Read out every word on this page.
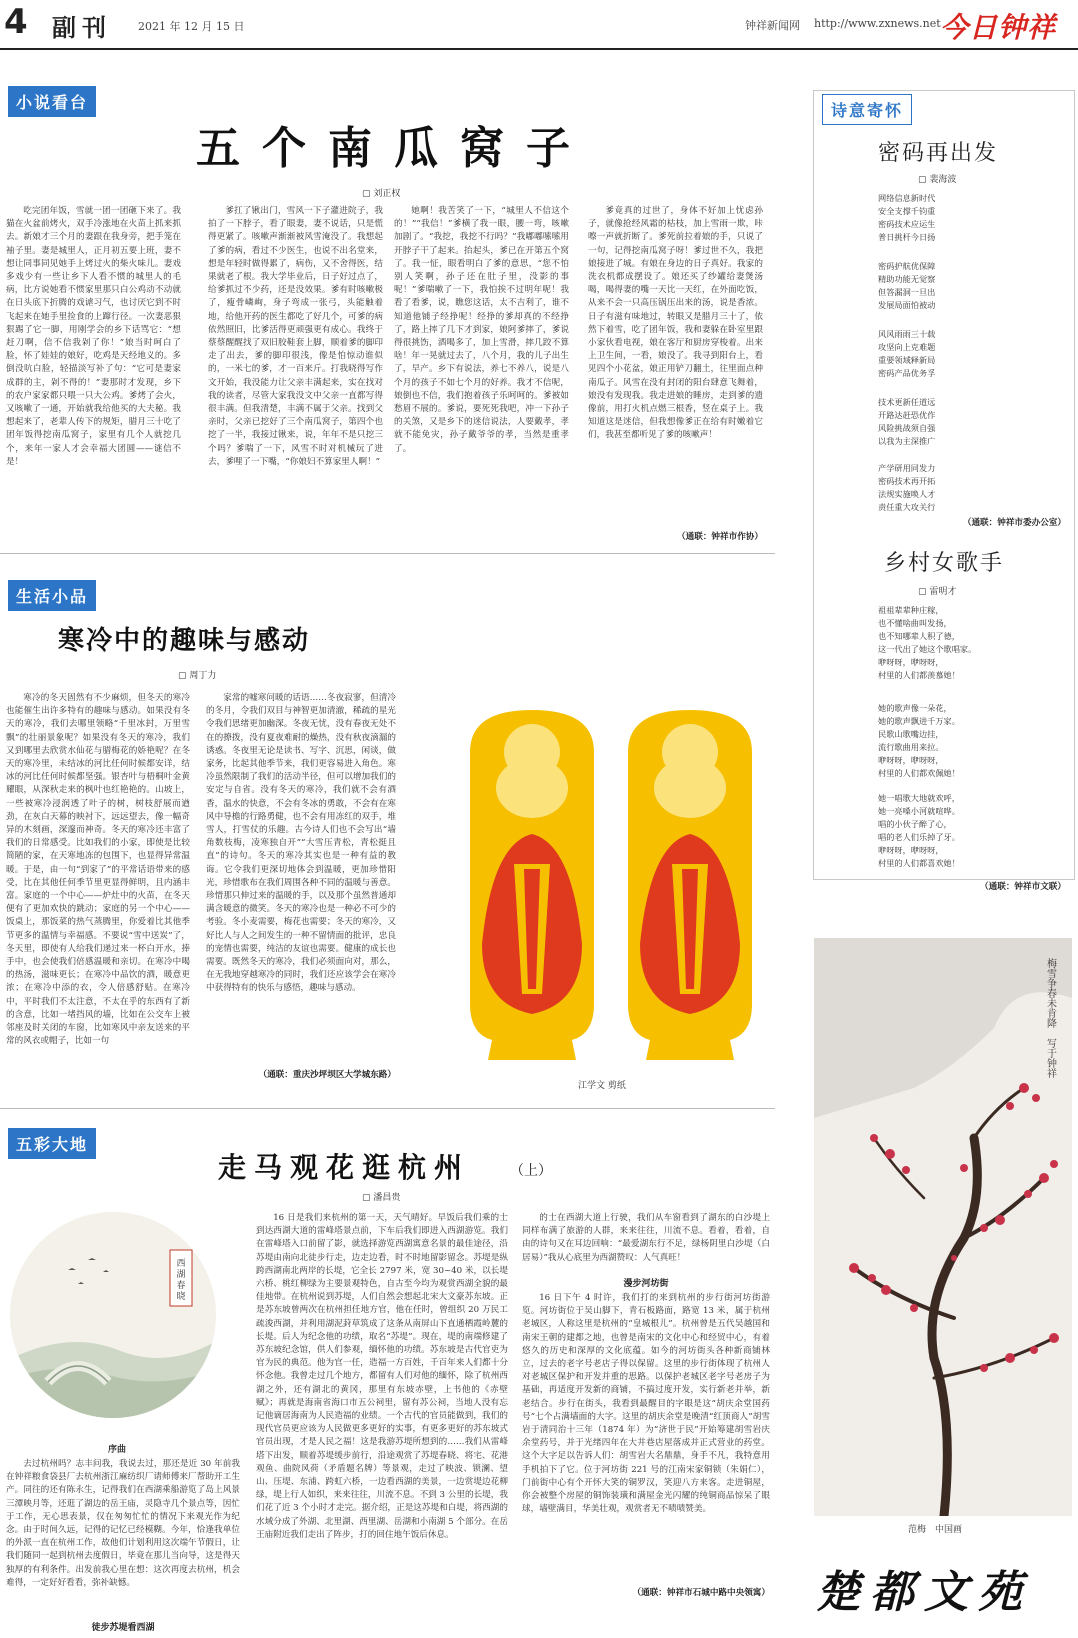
4 副刊 2021 年 12 月 15 日	钟祥新闻网 http://www.zxnews.net 今日钟祥
小说看台
五个南瓜窝子
▢ 刘正权

吃完团年饭，雪就一团一团砸下来了。我猫在火盆前烤火，双手冷涨地在火苗上抓来抓去。新娘才三个月的妻跟在我身旁，把手笼在袖子里。妻是城里人，正月初五要上班，妻不想让同事同见她手上烤过火的柴火味儿。妻戏多戏少有一些让乡下人看不惯的城里人的毛病，比方说她看不惯家里那只白公鸡动不动就在日头底下折腾的戏谑习气，也讨厌它到不时飞起来在她手里捡食的上蹿行径。一次妻恶狠狠踢了它一脚，用刚学会的乡下话骂它：“想赶刀啊，信不信我剁了你！”娘当时呵白了脸，怀了娃娃的娘好，吃鸡是天经地义的。多倒没吭白脸，轻描淡写补了句：“它可是妻家成群的主，剁不得的！”妻那时才发现，乡下的农户家家都只喂一只大公鸡。爹烤了会火，又咳嗽了一通，开始就我给他买的大夫秘。我想起来了，老辈人传下的规矩，腊月三十吃了团年饭得挖南瓜窝子，家里有几个人就挖几个，来年一家人才会幸福大团圆——谜信不是！

爹扛了锹出门，雪风一下子灌进院子，我拍了一下脖子，看了眼妻，妻不说话，只是慌得更紧了。咳嗽声渐渐被风雪淹没了。我想起了爹的病，看过不少医生，也说不出名堂来，想是年轻时做得累了，病伤，又不舍得医，结果就老了根。我大学毕业后，日子好过点了，给爹抓过不少药，还是没效果。爹有时咳嗽极了，瘦骨嶙峋，身子弯成一张弓，头能触着地，给他开药的医生都吃了好几个，可爹的病依然照旧，比爹活得更顽强更有成心。我终于蔡蔡醒醒找了双旧胶鞋套上脚，顺着爹的脚印走了出去，爹的脚印很浅，像是怕惊动谁似的，一米七的爹，才一百来斤。打我晓得写作文开始，我没能力让父亲丰满起来，实在找对我的读者，尽管大家我没文中父亲一直都写得很丰满。但我清楚，丰满不属于父亲。找到父亲时，父亲已挖好了三个南瓜窝子，第四个也挖了一半，我接过锹来，说，年年不是只挖三个吗？爹喘了一下，风雪不时对机械玩了进去，爹哩了一下嘴，“你娘妇不算家里人啊！”

她啊！我苦笑了一下，“城里人不信这个的！”“我信！”爹横了我一眼，腰一弯，咳嗽加剧了。“我挖，我挖不行吗？”我嘟嘟嗦嗦用开脖子干了起来。抬起头，爹已在开第五个窝了。我一怔，眼看明白了爹的意思，“您不怕别人笑啊，孙子还在肚子里，没影的事呢！”爹喘嗽了一下，我怕挨不过明年呢！我看了看爹，说，瞧您这话，太不吉利了，谁不知道他铺子经挣呢！经挣的爹却真的不经挣了，路上摔了几下才到家，娘阿爹摔了，爹说得很挑饬，酒喝多了，加上雪滑，摔几跤不算啥！年一晃就过去了，八个月，我的儿子出生了，早产。乡下有说法，养七不养八，说是八个月的孩子不如七个月的好养。我才不信呢，娘倒也不信，我们抱着孩子乐呵呵的。爹被如愁眉不展的。爹说，要死死我吧，冲一下孙子的关煞，又是乡下的迷信说法，人要戴孝，孝就不能免灾，孙子戴爷爷的孝，当然是重孝了。

爹竟真的过世了，身体不好加上忧虑孙子，就像抢经风霜的枯枝，加上雪雨一欺，咔嚓一声就折断了。爹死前拉着娘的手，只说了一句，记得挖南瓜窝子呀！爹过世不久，我把娘接进了城。有娘在身边的日子真好。我家的洗衣机都成摆设了。娘还买了纱罐给妻煲汤喝，喝得妻的嘴一天比一天红，在外面吃饭，从来不会一只高压锅压出来的汤，说是香浓。日子有滋有味地过，转眼又是腊月三十了，依然下着雪，吃了团年饭，我和妻躲在卧室里跟小家伙看电视，娘在客厅和厨房穿梭着。出来上卫生间，一看，娘没了。我寻到阳台上，看见四个小花盆，娘正用铲刀翻土，往里面点种南瓜子。风雪在没有封闭的阳台肆意飞舞着，娘没有发现我。我走进娘的睡房，走到爹的遗像前，用打火机点燃三根香，竖在桌子上。我知道这是迷信，但我想像爹正在给有时嫩着它们，我甚至都听见了爹的咳嗽声！

（通联：钟祥市作协）
生活小品
寒冷中的趣味与感动
▢ 周丁力

寒冷的冬天固然有不少麻烦，但冬天的寒冷也能催生出许多特有的趣味与感动。如果没有冬天的寒冷，我们去哪里领略“千里冰封，万里雪飘”的壮丽景象呢？如果没有冬天的寒冷，我们又到哪里去欣赏水仙花与腊梅花的娇艳呢？在冬天的寒冷里，未结冰的河比任何时候都安详，结冰的河比任何时候都坚强。银杏叶与梧桐叶金黄耀眼，从深秋走来的枫叶也红艳艳的。山坡上，一些被寒冷浸润透了叶子的树，树枝舒展而遒劲，在灰白天幕的映衬下，远远望去，像一幅奇异的木刻画，深邃而神奇。冬天的寒冷还丰富了我们的日常感受。比如我们的小家，即使是比较简陋的家，在天寒地冻的包围下，也显得异常温暖。于是，由一句“到家了”的平常话语带来的感受，比在其他任何季节里更显得鲜明，且内涵丰富。家庭的一个中心——炉灶中的火苗，在冬天便有了更加欢快的跳动；家庭的另一个中心——饭桌上，那饭菜的热气蒸腾里，你爱着比其他季节更多的温情与幸福感。不要说“雪中送炭”了，冬天里，即使有人给我们递过来一杯白开水，捧手中，也会使我们倍感温暖和亲切。在寒冷中喝的热汤，滋味更长；在寒冷中品饮的酒，暖意更浓；在寒冷中添的衣，令人倍感舒贴。在寒冷中，平时我们不太注意，不太在乎的东西有了新的含意，比如一堵挡风的墙，比如在公交车上被邻座及时关闭的车窗，比如寒风中亲友送来的平常的风衣或帽子，比如一句

家常的嘘寒问暖的话语……冬夜寂寥，但清冷的冬月，令我们双目与神智更加清澈，稀疏的星光令我们思绪更加幽深。冬夜无忧，没有春夜无处不在的撩拨，没有夏夜难耐的燥热，没有秋夜滴漏的诱惑。冬夜里无论是读书、写字、沉思，闲谈，做家务，比起其他季节来，我们更容易进入角色。寒冷虽然限制了我们的活动半径，但可以增加我们的安定与自省。没有冬天的寒冷，我们就不会有酒香，温水的快意，不会有冬冰的勇敢，不会有在寒风中导檐的行路勇健，也不会有用冻红的双手，堆雪人，打雪仗的乐趣。古今诗人们也不会写出“墙角数枝梅，凌寒独自开”“大雪压青松，青松挺且直”的诗句。冬天的寒冷其实也是一种有益的教诲。它令我们更深切地体会到温暖，更加珍惜阳光，珍惜歌布在我们周围各种不同的温暖与善意。珍惜那只伸过来的温暖的手，以及那个虽然普通却满含暖意的微笑。冬天的寒冷也是一种必不可少的考验。冬小麦需要，梅花也需要；冬天的寒冷，又好比人与人之间发生的一种不留情面的批评，忠良的宠情也需要，纯洁的友谊也需要。健康的成长也需要。既然冬天的寒冷，我们必须面向对，那么，在无我地穿越寒冷的同时，我们还应该学会在寒冷中获得特有的快乐与感悟，趣味与感动。

（通联：重庆沙坪坝区大学城东路）
江学文 剪纸
五彩大地
走马观花逛杭州	（上）
▢ 潘昌贵
西
湖
春
晓
序曲

去过杭州吗？志丰问我，我说去过，那还是近 30 年前我在钟祥粮食袋县厂去杭州浙江麻纺织厂请师傅来厂帮助开工生产。同往的还有陈永生，记得我们在西湖乘船游览了岛上风景三潭映月等，还逛了湖边的岳王庙，灵隐寺几个景点等，因忙于工作，无心思表景，仅在匆匆忙忙的情况下来观光作为纪念。由于时间久远，记得的记忆已经模糊。今年，恰逢我单位的外派一直在杭州工作，故他们计划利用这次端午节假日，让我们随同一起到杭州去度假日，毕竟在那儿当向导，这是得天独厚的有利条件。出发前我心里在想：这次再度去杭州，机会难得，一定好好看看，弥补缺憾。

徒步苏堤看西湖

16 日是我们来杭州的第一天，天气晴好。早饭后我们乘的士到达西湖大道的雷峰塔景点前，下车后我们即进入西湖游览。我们在雷峰塔入口前留了影，就选择游览西湖寓意名景的最佳途径，沿苏堤由南向北徒步行走，边走边看，时不时地留影留念。苏堤是纵跨西湖南北两岸的长堤，它全长 2797 米，宽 30~40 米，以长堤六桥、桃红柳绿为主要景观特色，自古至今均为观赏西湖全貌的最佳地带。在杭州说到苏堤，人们自然会想起北宋大文豪苏东坡。正是苏东坡曾两次在杭州担任地方官，他在任时，曾组织 20 万民工疏浚西湖，并利用湖泥葑草筑成了这条从南屏山下直通栖霞岭麓的长堤。后人为纪念他的功绩，取名“苏堤”。现在，堤的南端修建了苏东坡纪念馆，供人们参观，缅怀他的功绩。苏东坡是古代官吏为官为民的典范。他为官一任，造福一方百姓，千百年来人们都十分怀念他。我曾走过几个地方，都留有人们对他的缅怀，除了杭州西湖之外，还有湖北的黄冈，那里有东坡赤壁，上书他的《赤壁赋》；再就是海南省海口市五公祠里，留有苏公祠，当地人没有忘记他谪居海南为人民造福的业绩。一个古代的官员能做到，我们的现代官员更应该为人民做更多更好的实事，有更多更好的苏东坡式官员出现，才是人民之福！这是我游苏堤所想到的……我们从雷峰塔下出发，顺着苏堤缓步前行，沿途观赏了苏堤春晓、将宅、花港观鱼、曲院风荷（矛盾题名牌）等景观，走过了映波、锁澜、望山、压堤、东浦、跨虹六桥，一边看西湖的美景，一边赏堤边花柳绿，堤上行人如织，来来往往，川流不息。不到 3 公里的长堤，我们花了近 3 个小时才走完。据介绍，正是这苏堤和白堤，将西湖的水域分成了外湖、北里湖、西里湖、岳湖和小南湖 5 个部分。在岳王庙附近我们走出了阵步，打的回住地午饭后休息。

的士在西湖大道上行驶，我们从车窗看到了湖东的白沙堤上同样布满了旅游的人群，来来往往，川流不息。看着，看着，自由的诗句又在耳边回响：“最爱湖东行不足，绿杨阴里白沙堤（白居易）”我从心底里为西湖赞叹：人气真旺！

漫步河坊街

16 日下午 4 时许，我们打的来到杭州的步行街河坊街游览。河坊街位于吴山脚下，青石板路面，路宽 13 米，属于杭州老城区，人称这里是杭州的“皇城根儿”。杭州曾是五代吴越国和南宋王朝的建都之地，也曾是南宋的文化中心和经贸中心，有着悠久的历史和深厚的文化底蕴。如今的河坊街头各种新商铺林立，过去的老字号老店子得以保留。这里的步行街体现了杭州人对老城区保护和开发并重的思路。以保护老城区老字号老房子为基础，再适度开发新的商铺，不搞过度开发，实行新老并举，新老结合。步行在街头，我看到最醒目的字眼是这“胡庆余堂国药号”七个占满墙面的大字。这里的胡庆余堂是晚清“红顶商人”胡雪岩于清同治十三年（1874 年）为“济世于民”开始筹建胡雪岩庆余堂药号，并于光绪四年在大井巷店屋落成并正式营业的药堂。这个大字足以告诉人们：胡雪岩大名鼎鼎，身手不凡，我特意用手机拍下了它。位于河坊街 221 号的江南宋家铜锁（朱娟仁），门前街中心有个开怀大笑的铜罗汉，笑迎八方来客。走进铜屋，你会被整个房屋的铜饰装璜和满屋金光闪耀的纯铜商品惊呆了眼球，墙壁满目，华美壮观，观赏者无不啧啧赞美。

（通联：钟祥市石城中路中央领寓）
诗意寄怀
密码再出发
▢ 裴海波
网络信息新时代
安全支撑千钧重
密码技术应运生
普日挑杆今日扬
密码护航优保障
精助功能无觉察
但答漏洞一旦出
发展局面怕被动
风风雨雨三十载
攻坚向上克难题
重要领域释新局
密码产品优务孚
技术更新任道远
开路达赶恐优作
风险挑战须自强
以我为主深推广
产学研用同发力
密码技术再开拓
法规实施唤人才
责任重大攻关行
（通联：钟祥市委办公室）
乡村女歌手
▢ 雷明才
祖祖辈辈种庄稼，
也不懂啥曲叫发扬，
也不知哪辈人积了德，
这一代出了她这个歌唱家。
咿呀呀，咿呀呀，
村里的人们都羡慕她！
她的歌声像一朵花，
她的歌声飘进千万家。
民歌山歌嘴边挂，
流行歌曲用来拉。
咿呀呀，咿呀呀，
村里的人们都欢佩她！
她一唱歌大地就欢呼，
她一亮嗓小河就喧哗。
唱的小伙子醉了心，
唱的老人们乐掉了牙。
咿呀呀，咿呀呀，
村里的人们都喜欢她！
（通联：钟祥市文联）
梅雪争春未肯降　写于钟祥
范梅　中国画
楚都文苑
